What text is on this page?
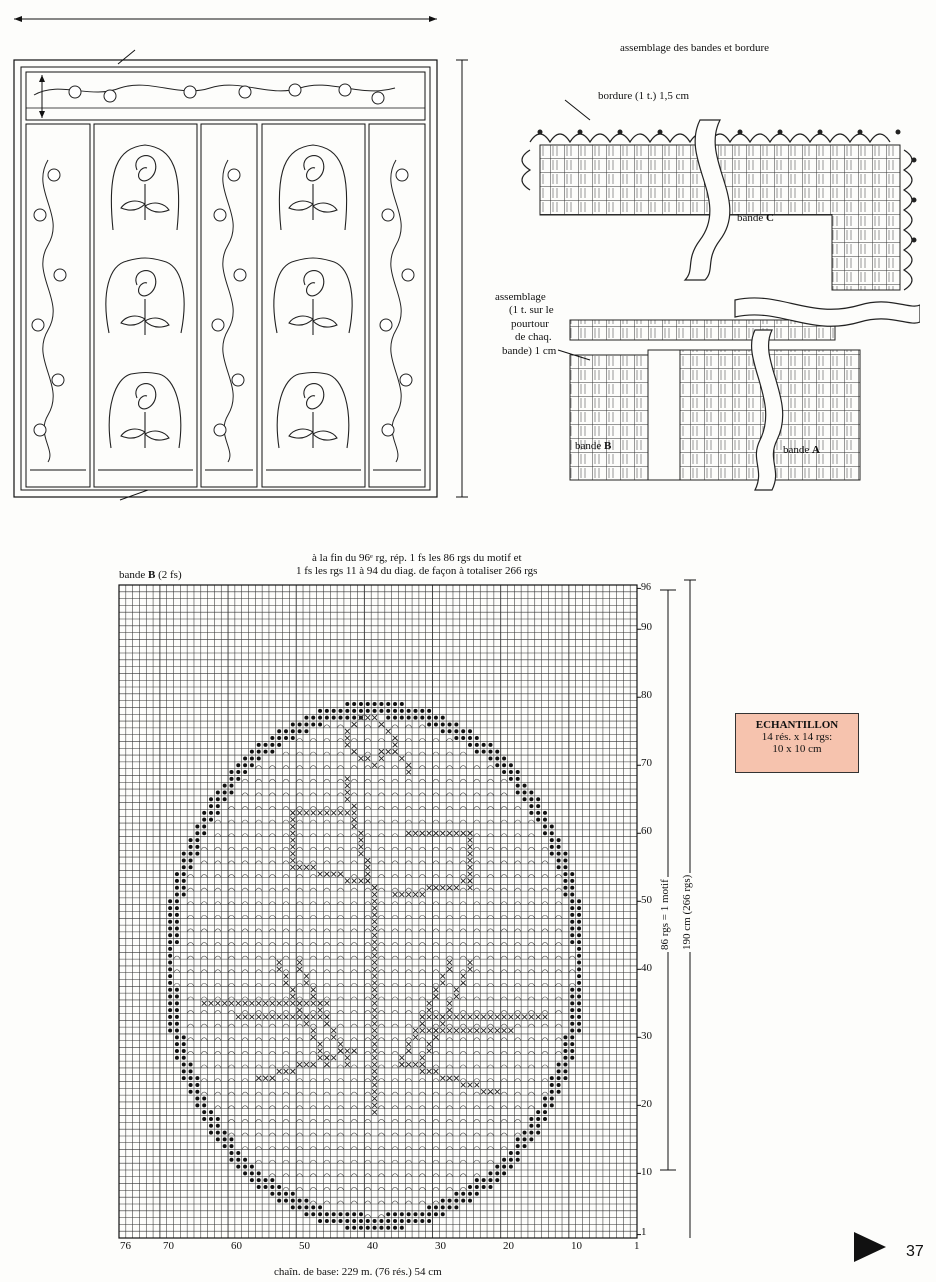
assemblage des bandes et bordure
bordure (1 t.) 1,5 cm
bande C
assemblage
(1 t. sur le
pourtour
de chaq.
bande) 1 cm
bande B	bande A
à la fin du 96ᵉ rg, rép. 1 fs les 86 rgs du motif et
1 fs les rgs 11 à 94 du diag. de façon à totaliser 266 rgs
bande B (2 fs)
96
90
80
70
60
50
40
30
20
10
1
76	70	60	50	40	30	20	10	1
86 rgs = 1 motif 190 cm (266 rgs)
chaîn. de base: 229 m. (76 rés.) 54 cm
ECHANTILLON
14 rés. x 14 rgs:
10 x 10 cm
37
